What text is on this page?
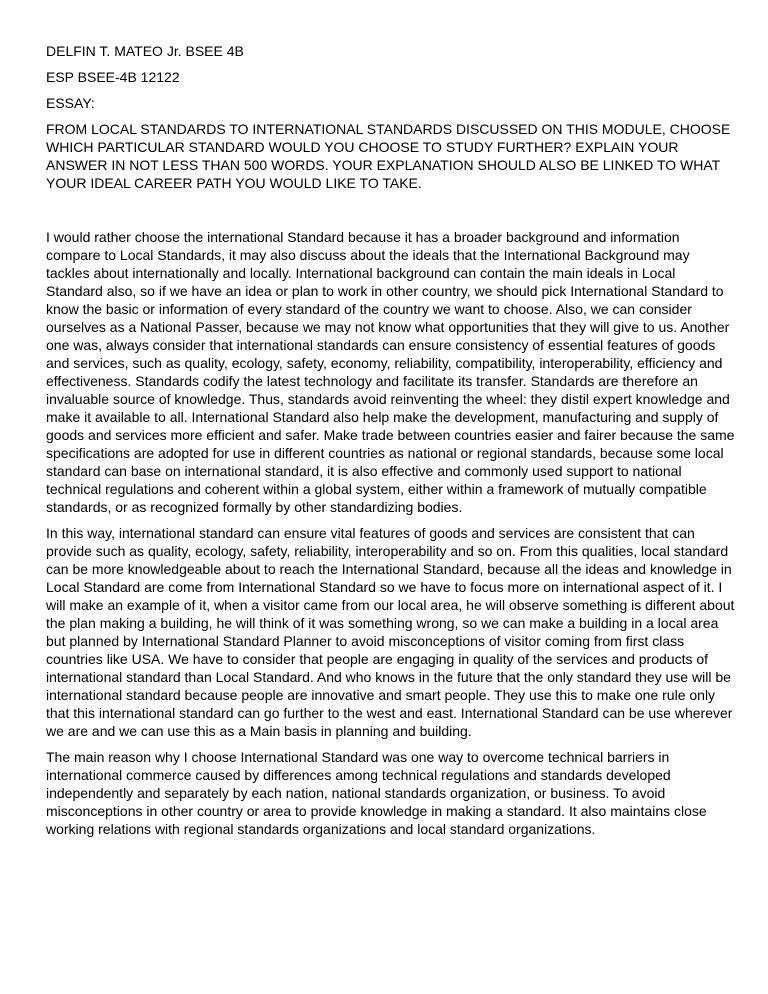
DELFIN T. MATEO Jr. BSEE 4B

ESP BSEE-4B 12122

ESSAY:

FROM LOCAL STANDARDS TO INTERNATIONAL STANDARDS DISCUSSED ON THIS MODULE, CHOOSE WHICH PARTICULAR STANDARD WOULD YOU CHOOSE TO STUDY FURTHER? EXPLAIN YOUR ANSWER IN NOT LESS THAN 500 WORDS. YOUR EXPLANATION SHOULD ALSO BE LINKED TO WHAT YOUR IDEAL CAREER PATH YOU WOULD LIKE TO TAKE.

I would rather choose the international Standard because it has a broader background and information compare to Local Standards, it may also discuss about the ideals that the International Background may tackles about internationally and locally. International background can contain the main ideals in Local Standard also, so if we have an idea or plan to work in other country, we should pick International Standard to know the basic or information of every standard of the country we want to choose. Also, we can consider ourselves as a National Passer, because we may not know what opportunities that they will give to us. Another one was, always consider that international standards can ensure consistency of essential features of goods and services, such as quality, ecology, safety, economy, reliability, compatibility, interoperability, efficiency and effectiveness. Standards codify the latest technology and facilitate its transfer. Standards are therefore an invaluable source of knowledge. Thus, standards avoid reinventing the wheel: they distil expert knowledge and make it available to all. International Standard also help make the development, manufacturing and supply of goods and services more efficient and safer. Make trade between countries easier and fairer because the same specifications are adopted for use in different countries as national or regional standards, because some local standard can base on international standard, it is also effective and commonly used support to national technical regulations and coherent within a global system, either within a framework of mutually compatible standards, or as recognized formally by other standardizing bodies.

In this way, international standard can ensure vital features of goods and services are consistent that can provide such as quality, ecology, safety, reliability, interoperability and so on. From this qualities, local standard can be more knowledgeable about to reach the International Standard, because all the ideas and knowledge in Local Standard are come from International Standard so we have to focus more on international aspect of it. I will make an example of it, when a visitor came from our local area, he will observe something is different about the plan making a building, he will think of it was something wrong, so we can make a building in a local area but planned by International Standard Planner to avoid misconceptions of visitor coming from first class countries like USA. We have to consider that people are engaging in quality of the services and products of international standard than Local Standard. And who knows in the future that the only standard they use will be international standard because people are innovative and smart people. They use this to make one rule only that this international standard can go further to the west and east. International Standard can be use wherever we are and we can use this as a Main basis in planning and building.

The main reason why I choose International Standard was one way to overcome technical barriers in international commerce caused by differences among technical regulations and standards developed independently and separately by each nation, national standards organization, or business. To avoid misconceptions in other country or area to provide knowledge in making a standard. It also maintains close working relations with regional standards organizations and local standard organizations.
